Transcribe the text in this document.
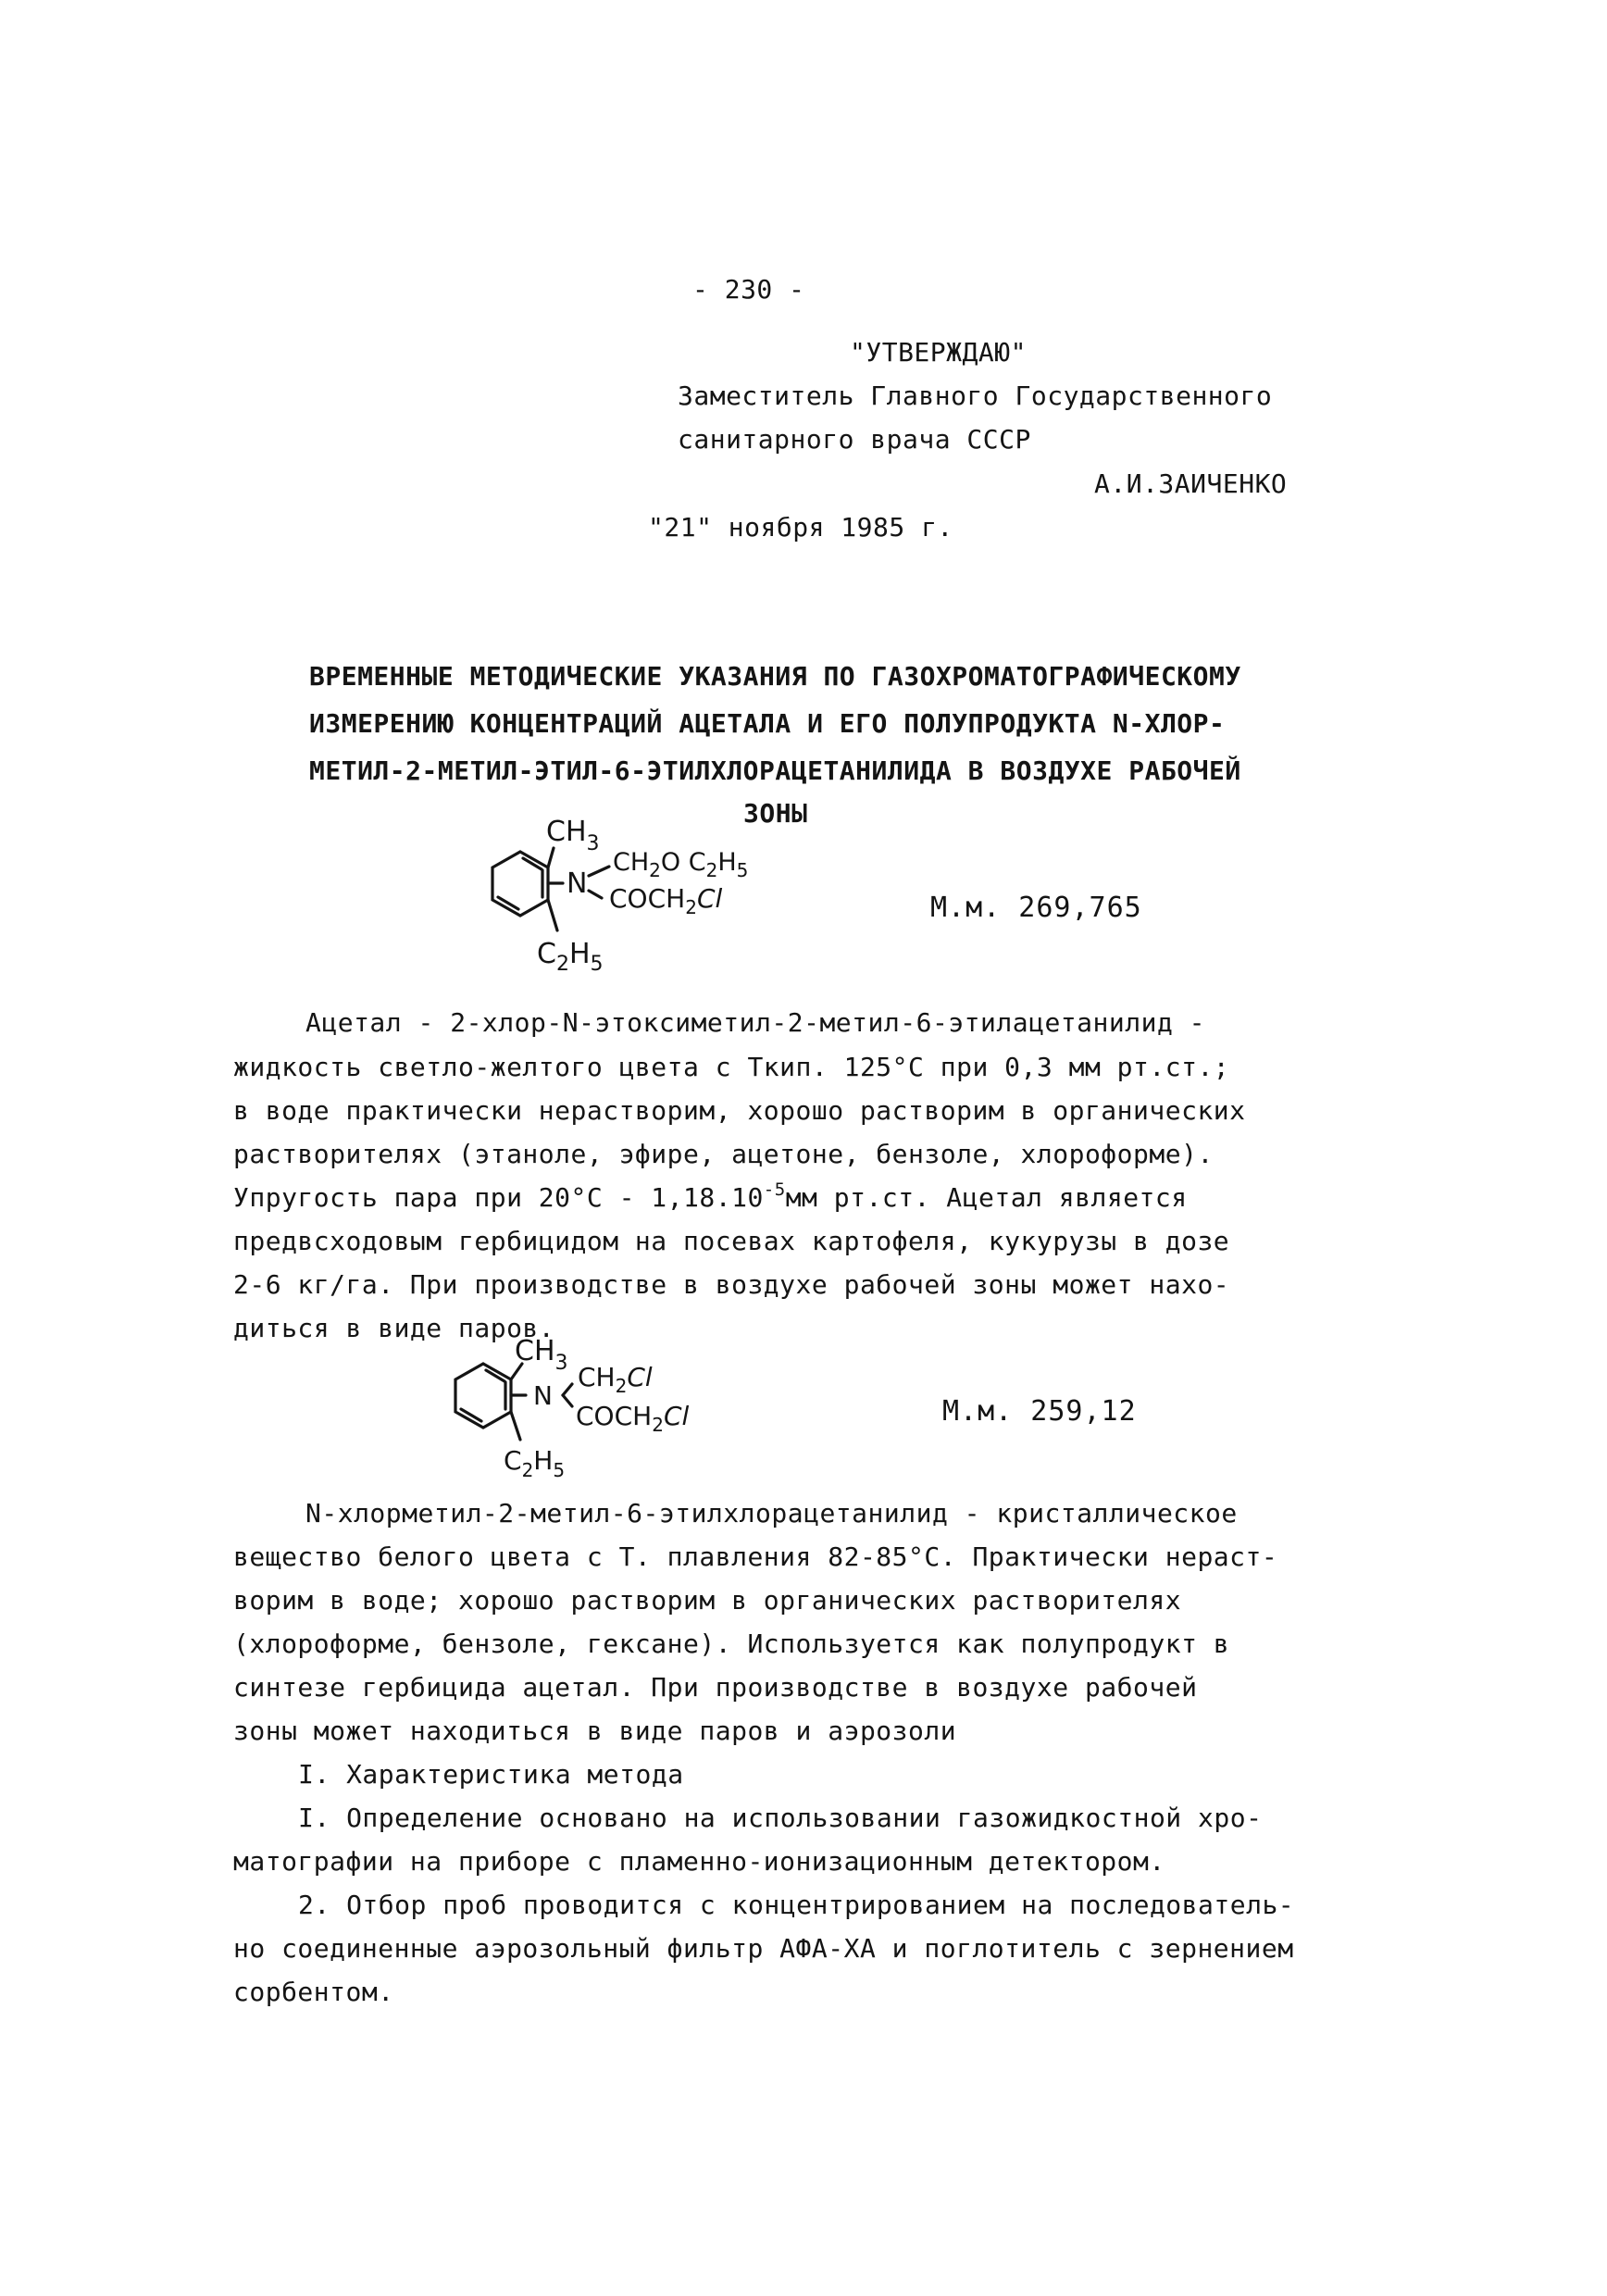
- 230 -
"УТВЕРЖДАЮ"
Заместитель Главного Государственного
санитарного врача СССР
А.И.ЗАИЧЕНКО
"21" ноября 1985 г.
ВРЕМЕННЫЕ МЕТОДИЧЕСКИЕ УКАЗАНИЯ ПО ГАЗОХРОМАТОГРАФИЧЕСКОМУ
ИЗМЕРЕНИЮ КОНЦЕНТРАЦИЙ АЦЕТАЛА И ЕГО ПОЛУПРОДУКТА N-ХЛОР-
МЕТИЛ-2-МЕТИЛ-ЭТИЛ-6-ЭТИЛХЛОРАЦЕТАНИЛИДА В ВОЗДУХЕ РАБОЧЕЙ
ЗОНЫ
$CH_3$
N
$CH_2O$ $C_2H_5$
$COCH_2Cl$
$C_2H_5$
М.м. 269,765
Ацетал - 2-хлор-N-этоксиметил-2-метил-6-этилацетанилид -
жидкость светло-желтого цвета с Ткип. 125°С при 0,3 мм рт.ст.;
в воде практически нерастворим, хорошо растворим в органических
растворителях (этаноле, эфире, ацетоне, бензоле, хлороформе).
Упругость пара при $20^\circ С - 1,18.10^{-5}мм$ рт.ст. Ацетал является
предвсходовым гербицидом на посевах картофеля, кукурузы в дозе
2-6 кг/га. При производстве в воздухе рабочей зоны может нахо-
диться в виде паров.
$CH_3$
N
$CH_2Cl$
$COCH_2Cl$
$C_2H_5$
М.м. 259,12
N-хлорметил-2-метил-6-этилхлорацетанилид - кристаллическое
вещество белого цвета с Т. плавления 82-85°С. Практически нераст-
ворим в воде; хорошо растворим в органических растворителях
(хлороформе, бензоле, гексане). Используется как полупродукт в
синтезе гербицида ацетал. При производстве в воздухе рабочей
зоны может находиться в виде паров и аэрозоли
I. Характеристика метода
I. Определение основано на использовании газожидкостной хро-
матографии на приборе с пламенно-ионизационным детектором.
2. Отбор проб проводится с концентрированием на последователь-
но соединенные аэрозольный фильтр АФА-ХА и поглотитель с зернением
сорбентом.
